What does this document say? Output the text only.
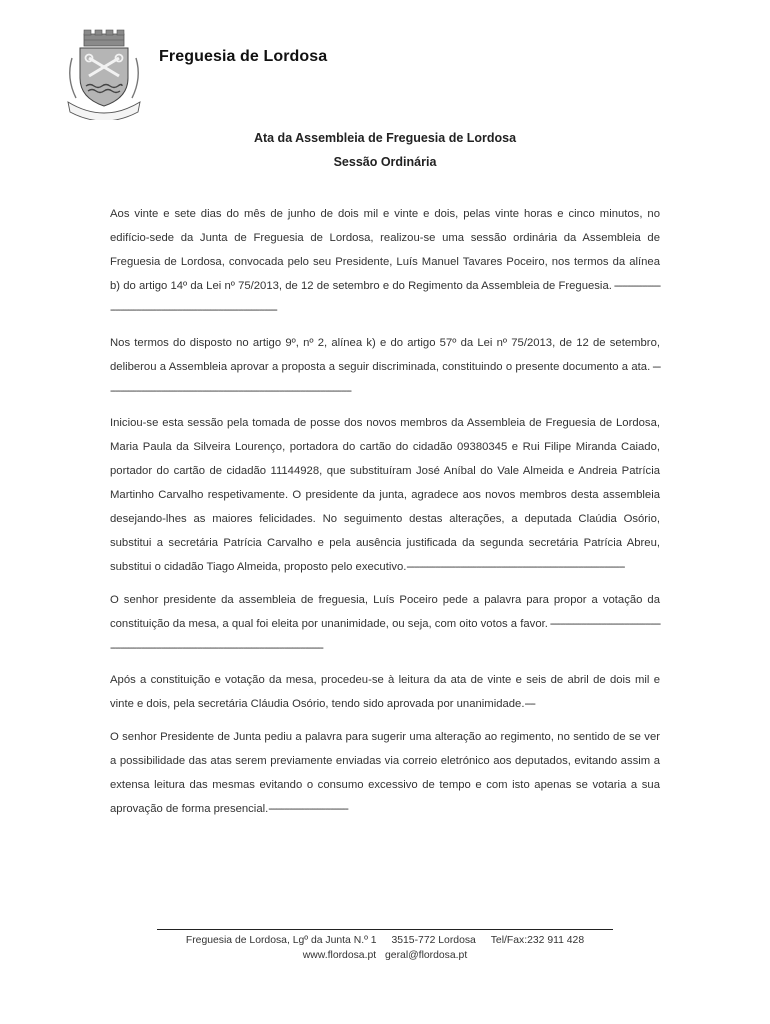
Freguesia de Lordosa
Ata da Assembleia de Freguesia de Lordosa
Sessão Ordinária

Aos vinte e sete dias do mês de junho de dois mil e vinte e dois, pelas vinte horas e cinco minutos, no edifício-sede da Junta de Freguesia de Lordosa, realizou-se uma sessão ordinária da Assembleia de Freguesia de Lordosa, convocada pelo seu Presidente, Luís Manuel Tavares Poceiro, nos termos da alínea b) do artigo 14º da Lei nº 75/2013, de 12 de setembro e do Regimento da Assembleia de Freguesia. -----------------------------------------------------------------------------------

Nos termos do disposto no artigo 9º, nº 2, alínea k) e do artigo 57º da Lei nº 75/2013, de 12 de setembro, deliberou a Assembleia aprovar a proposta a seguir discriminada, constituindo o presente documento a ata. -------------------------------------------------------------------------------------------------

Iniciou-se esta sessão pela tomada de posse dos novos membros da Assembleia de Freguesia de Lordosa, Maria Paula da Silveira Lourenço, portadora do cartão do cidadão 09380345 e Rui Filipe Miranda Caiado, portador do cartão de cidadão 11144928, que substituíram José Aníbal do Vale Almeida e Andreia Patrícia Martinho Carvalho respetivamente. O presidente da junta, agradece aos novos membros desta assembleia desejando-lhes as maiores felicidades. No seguimento destas alterações, a deputada Claúdia Osório, substitui a secretária Patrícia Carvalho e pela ausência justificada da segunda secretária Patrícia Abreu, substitui o cidadão Tiago Almeida, proposto pelo executivo.-------------------------------------------------------------------------------------

O senhor presidente da assembleia de freguesia, Luís Poceiro pede a palavra para propor a votação da constituição da mesa, a qual foi eleita por unanimidade, ou seja, com oito votos a favor. ------------------------------------------------------------------------------------------------------------------------------

Após a constituição e votação da mesa, procedeu-se à leitura da ata de vinte e seis de abril de dois mil e vinte e dois, pela secretária Cláudia Osório, tendo sido aprovada por unanimidade.----

O senhor Presidente de Junta pediu a palavra para sugerir uma alteração ao regimento, no sentido de se ver a possibilidade das atas serem previamente enviadas via correio eletrónico aos deputados, evitando assim a extensa leitura das mesmas evitando o consumo excessivo de tempo e com isto apenas se votaria a sua aprovação de forma presencial.-------------------------------

Freguesia de Lordosa, Lgº da Junta N.º 1 3515-772 Lordosa Tel/Fax:232 911 428
www.flordosa.pt geral@flordosa.pt
